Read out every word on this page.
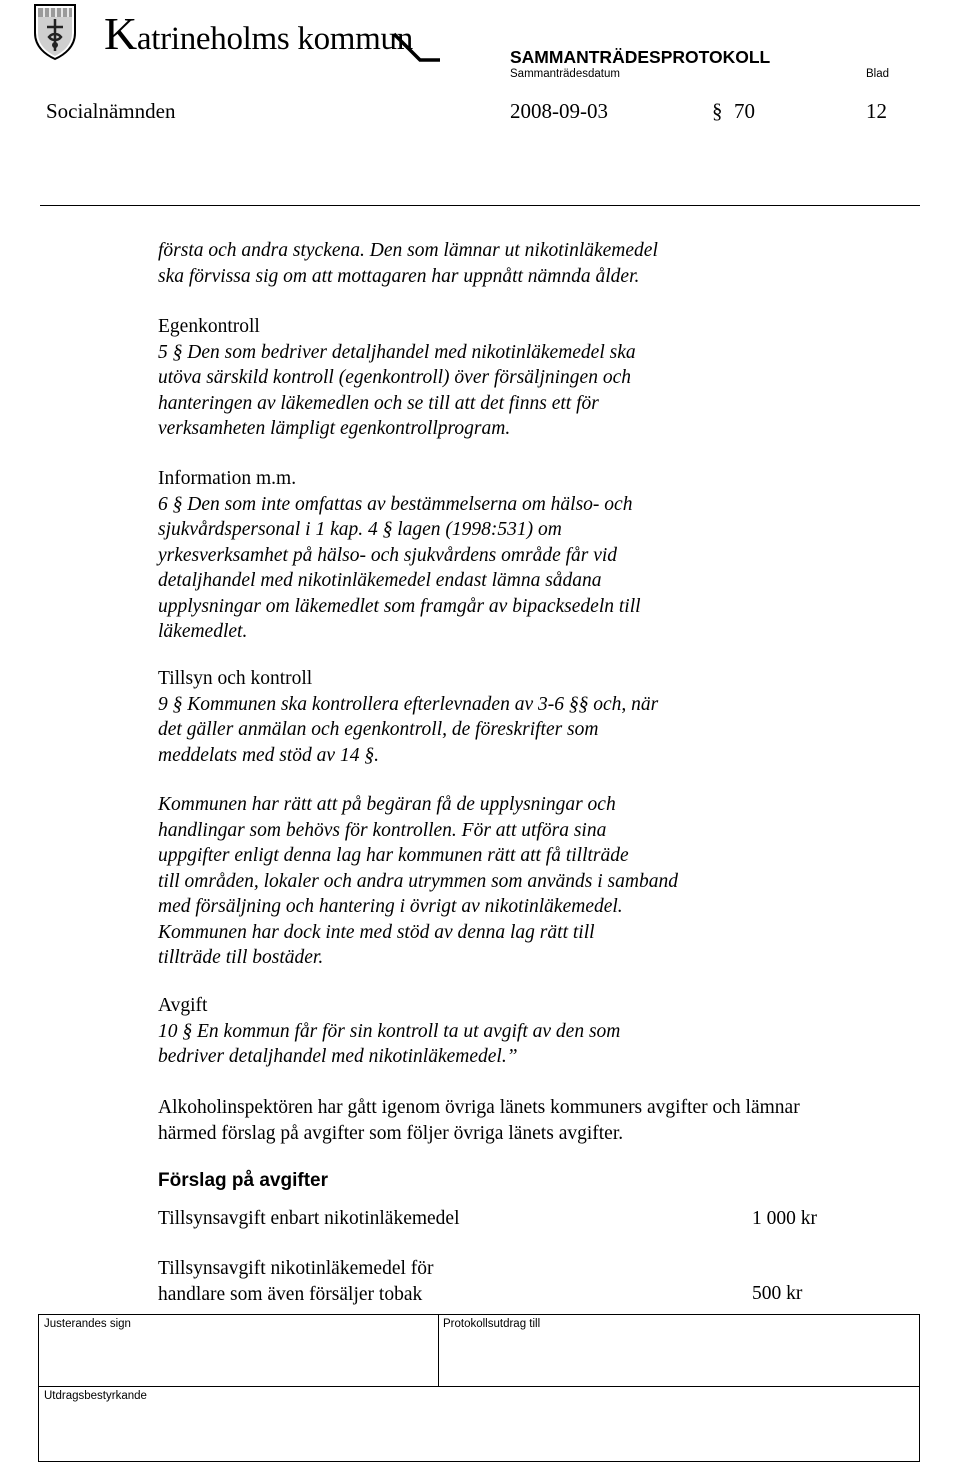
Katrineholms kommun	SAMMANTRÄDESPROTOKOLL
Sammanträdesdatum	Blad
Socialnämnden	2008-09-03	§ 70	12
första och andra styckena. Den som lämnar ut nikotinläkemedel
ska förvissa sig om att mottagaren har uppnått nämnda ålder.
Egenkontroll
5 § Den som bedriver detaljhandel med nikotinläkemedel ska
utöva särskild kontroll (egenkontroll) över försäljningen och
hanteringen av läkemedlen och se till att det finns ett för
verksamheten lämpligt egenkontrollprogram.
Information m.m.
6 § Den som inte omfattas av bestämmelserna om hälso- och
sjukvårdspersonal i 1 kap. 4 § lagen (1998:531) om
yrkesverksamhet på hälso- och sjukvårdens område får vid
detaljhandel med nikotinläkemedel endast lämna sådana
upplysningar om läkemedlet som framgår av bipacksedeln till
läkemedlet.
Tillsyn och kontroll
9 § Kommunen ska kontrollera efterlevnaden av 3-6 §§ och, när
det gäller anmälan och egenkontroll, de föreskrifter som
meddelats med stöd av 14 §.
Kommunen har rätt att på begäran få de upplysningar och
handlingar som behövs för kontrollen. För att utföra sina
uppgifter enligt denna lag har kommunen rätt att få tillträde
till områden, lokaler och andra utrymmen som används i samband
med försäljning och hantering i övrigt av nikotinläkemedel.
Kommunen har dock inte med stöd av denna lag rätt till
tillträde till bostäder.
Avgift
10 § En kommun får för sin kontroll ta ut avgift av den som
bedriver detaljhandel med nikotinläkemedel.”
Alkoholinspektören har gått igenom övriga länets kommuners avgifter och lämnar
härmed förslag på avgifter som följer övriga länets avgifter.
Förslag på avgifter
Tillsynsavgift enbart nikotinläkemedel	1 000 kr
Tillsynsavgift nikotinläkemedel för
handlare som även försäljer tobak	500 kr
Justerandes sign	Protokollsutdrag till
Utdragsbestyrkande
